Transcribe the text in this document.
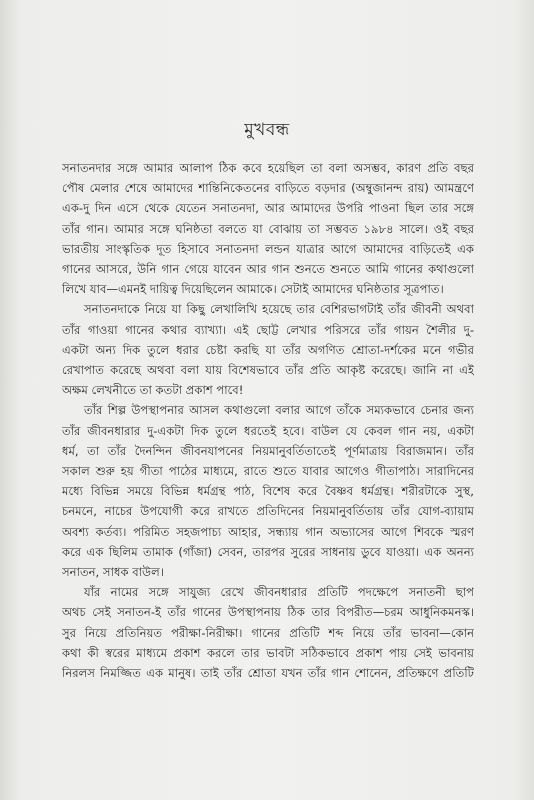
মুখবন্ধ
সনাতনদার সঙ্গে আমার আলাপ ঠিক কবে হয়েছিল তা বলা অসম্ভব, কারণ প্রতি বছর
পৌষ মেলার শেষে আমাদের শান্তিনিকেতনের বাড়িতে বড়দার (অম্বুজানন্দ রায়) আমন্ত্রণে
এক-দু দিন এসে থেকে যেতেন সনাতনদা, আর আমাদের উপরি পাওনা ছিল তার সঙ্গে
তাঁর গান। আমার সঙ্গে ঘনিষ্ঠতা বলতে যা বোঝায় তা সম্ভবত ১৯৮৪ সালে। ওই বছর
ভারতীয় সাংস্কৃতিক দূত হিসাবে সনাতনদা লন্ডন যাত্রার আগে আমাদের বাড়িতেই এক
গানের আসরে, উনি গান গেয়ে যাবেন আর গান শুনতে শুনতে আমি গানের কথাগুলো
লিখে যাব—এমনই দায়িত্ব দিয়েছিলেন আমাকে। সেটাই আমাদের ঘনিষ্ঠতার সূত্রপাত।
সনাতনদাকে নিয়ে যা কিছু লেখালিখি হয়েছে তার বেশিরভাগটাই তাঁর জীবনী অথবা
তাঁর গাওয়া গানের কথার ব্যাখ্যা। এই ছোট্ট লেখার পরিসরে তাঁর গায়ন শৈলীর দু-
একটা অন্য দিক তুলে ধরার চেষ্টা করছি যা তাঁর অগণিত শ্রোতা-দর্শকের মনে গভীর
রেখাপাত করেছে অথবা বলা যায় বিশেষভাবে তাঁর প্রতি আকৃষ্ট করেছে। জানি না এই
অক্ষম লেখনীতে তা কতটা প্রকাশ পাবে!
তাঁর শিল্প উপস্থাপনার আসল কথাগুলো বলার আগে তাঁকে সম্যকভাবে চেনার জন্য
তাঁর জীবনধারার দু-একটা দিক তুলে ধরতেই হবে। বাউল যে কেবল গান নয়, একটা
ধর্ম, তা তাঁর দৈনন্দিন জীবনযাপনের নিয়মানুবর্তিতাতেই পূর্ণমাত্রায় বিরাজমান। তাঁর
সকাল শুরু হয় গীতা পাঠের মাধ্যমে, রাতে শুতে যাবার আগেও গীতাপাঠ। সারাদিনের
মধ্যে বিভিন্ন সময়ে বিভিন্ন ধর্মগ্রন্থ পাঠ, বিশেষ করে বৈষ্ণব ধর্মগ্রন্থ। শরীরটাকে সুস্থ,
চনমনে, নাচের উপযোগী করে রাখতে প্রতিদিনের নিয়মানুবর্তিতায় তাঁর যোগ-ব্যায়াম
অবশ্য কর্তব্য। পরিমিত সহজপাচ্য আহার, সন্ধ্যায় গান অভ্যাসের আগে শিবকে স্মরণ
করে এক ছিলিম তামাক (গাঁজা) সেবন, তারপর সুরের সাধনায় ডুবে যাওয়া। এক অনন্য
সনাতন, সাধক বাউল।
যাঁর নামের সঙ্গে সাযুজ্য রেখে জীবনধারার প্রতিটি পদক্ষেপে সনাতনী ছাপ
অথচ সেই সনাতন-ই তাঁর গানের উপস্থাপনায় ঠিক তার বিপরীত—চরম আধুনিকমনস্ক।
সুর নিয়ে প্রতিনিয়ত পরীক্ষা-নিরীক্ষা। গানের প্রতিটি শব্দ নিয়ে তাঁর ভাবনা—কোন
কথা কী স্বরের মাধ্যমে প্রকাশ করলে তার ভাবটা সঠিকভাবে প্রকাশ পায় সেই ভাবনায়
নিরলস নিমজ্জিত এক মানুষ। তাই তাঁর শ্রোতা যখন তাঁর গান শোনেন, প্রতিক্ষণে প্রতিটি
